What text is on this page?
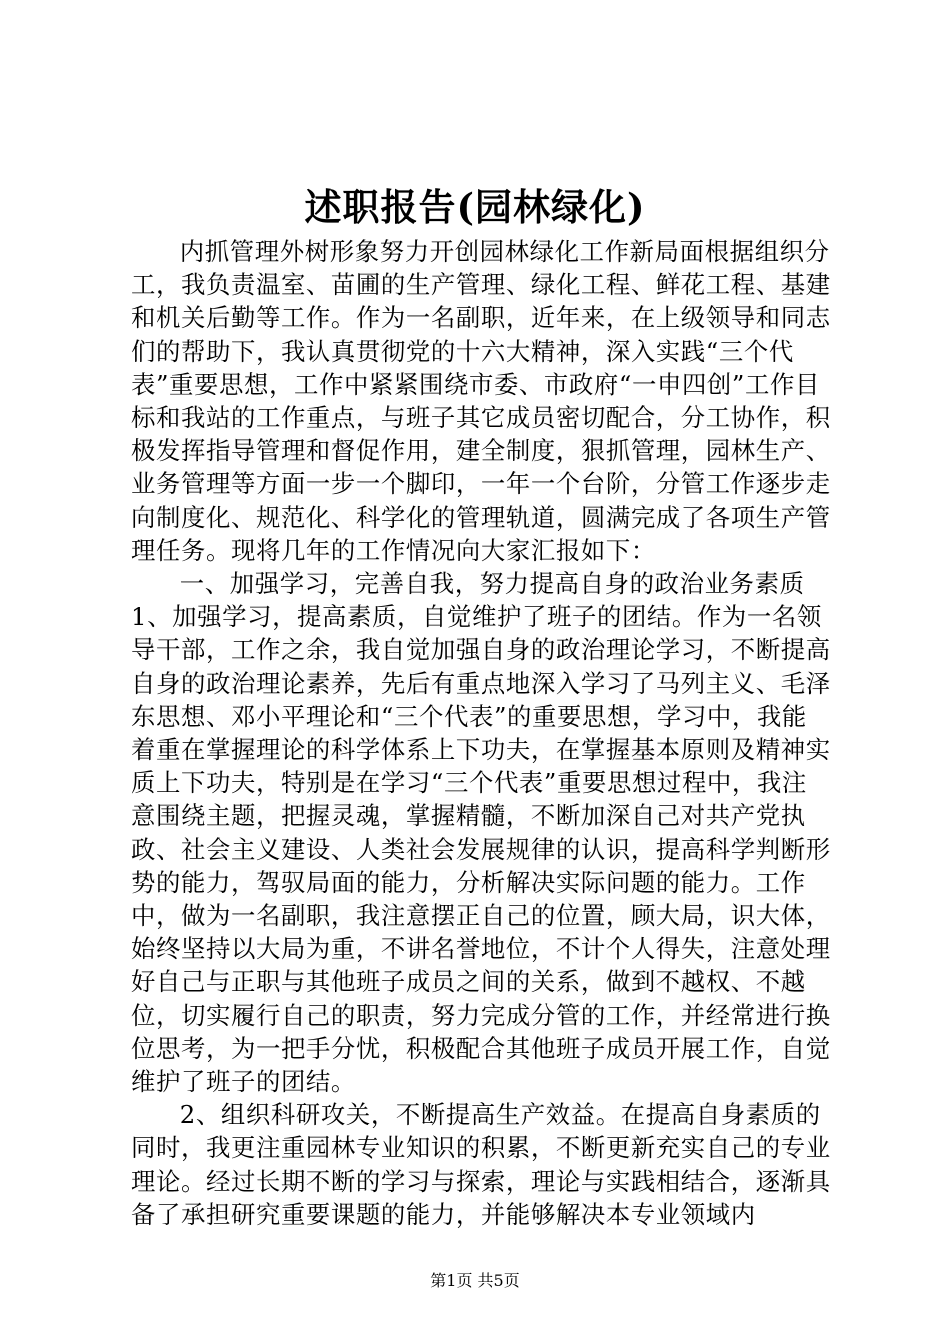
述职报告(园林绿化)

内抓管理外树形象努力开创园林绿化工作新局面根据组织分工，我负责温室、苗圃的生产管理、绿化工程、鲜花工程、基建和机关后勤等工作。作为一名副职，近年来，在上级领导和同志们的帮助下，我认真贯彻党的十六大精神，深入实践“三个代表”重要思想，工作中紧紧围绕市委、市政府“一申四创”工作目标和我站的工作重点，与班子其它成员密切配合，分工协作，积极发挥指导管理和督促作用，建全制度，狠抓管理，园林生产、业务管理等方面一步一个脚印，一年一个台阶，分管工作逐步走向制度化、规范化、科学化的管理轨道，圆满完成了各项生产管理任务。现将几年的工作情况向大家汇报如下：

一、加强学习，完善自我，努力提高自身的政治业务素质1、加强学习，提高素质，自觉维护了班子的团结。作为一名领导干部，工作之余，我自觉加强自身的政治理论学习，不断提高自身的政治理论素养，先后有重点地深入学习了马列主义、毛泽东思想、邓小平理论和“三个代表”的重要思想，学习中，我能着重在掌握理论的科学体系上下功夫，在掌握基本原则及精神实质上下功夫，特别是在学习“三个代表”重要思想过程中，我注意围绕主题，把握灵魂，掌握精髓，不断加深自己对共产党执政、社会主义建设、人类社会发展规律的认识，提高科学判断形势的能力，驾驭局面的能力，分析解决实际问题的能力。工作中，做为一名副职，我注意摆正自己的位置，顾大局，识大体，始终坚持以大局为重，不讲名誉地位，不计个人得失，注意处理好自己与正职与其他班子成员之间的关系，做到不越权、不越位，切实履行自己的职责，努力完成分管的工作，并经常进行换位思考，为一把手分忧，积极配合其他班子成员开展工作，自觉维护了班子的团结。

2、组织科研攻关，不断提高生产效益。在提高自身素质的同时，我更注重园林专业知识的积累，不断更新充实自己的专业理论。经过长期不断的学习与探索，理论与实践相结合，逐渐具备了承担研究重要课题的能力，并能够解决本专业领域内

第1页 共5页
